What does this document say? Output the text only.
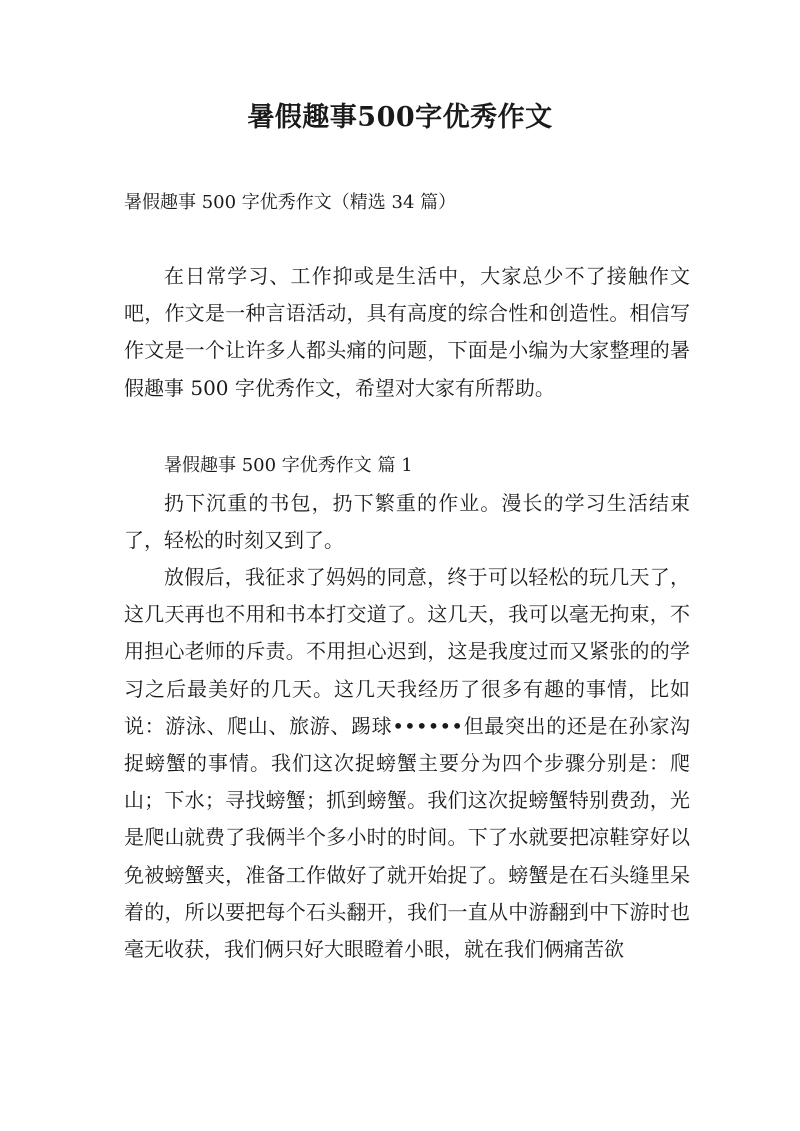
暑假趣事500字优秀作文
暑假趣事 500 字优秀作文（精选 34 篇）

在日常学习、工作抑或是生活中，大家总少不了接触作文吧，作文是一种言语活动，具有高度的综合性和创造性。相信写作文是一个让许多人都头痛的问题，下面是小编为大家整理的暑假趣事 500 字优秀作文，希望对大家有所帮助。

暑假趣事 500 字优秀作文 篇 1

扔下沉重的书包，扔下繁重的作业。漫长的学习生活结束了，轻松的时刻又到了。

放假后，我征求了妈妈的同意，终于可以轻松的玩几天了，这几天再也不用和书本打交道了。这几天，我可以毫无拘束，不用担心老师的斥责。不用担心迟到，这是我度过而又紧张的的学习之后最美好的几天。这几天我经历了很多有趣的事情，比如说：游泳、爬山、旅游、踢球••••••但最突出的还是在孙家沟捉螃蟹的事情。我们这次捉螃蟹主要分为四个步骤分别是：爬山；下水；寻找螃蟹；抓到螃蟹。我们这次捉螃蟹特别费劲，光是爬山就费了我俩半个多小时的时间。下了水就要把凉鞋穿好以免被螃蟹夹，准备工作做好了就开始捉了。螃蟹是在石头缝里呆着的，所以要把每个石头翻开，我们一直从中游翻到中下游时也毫无收获，我们俩只好大眼瞪着小眼，就在我们俩痛苦欲
